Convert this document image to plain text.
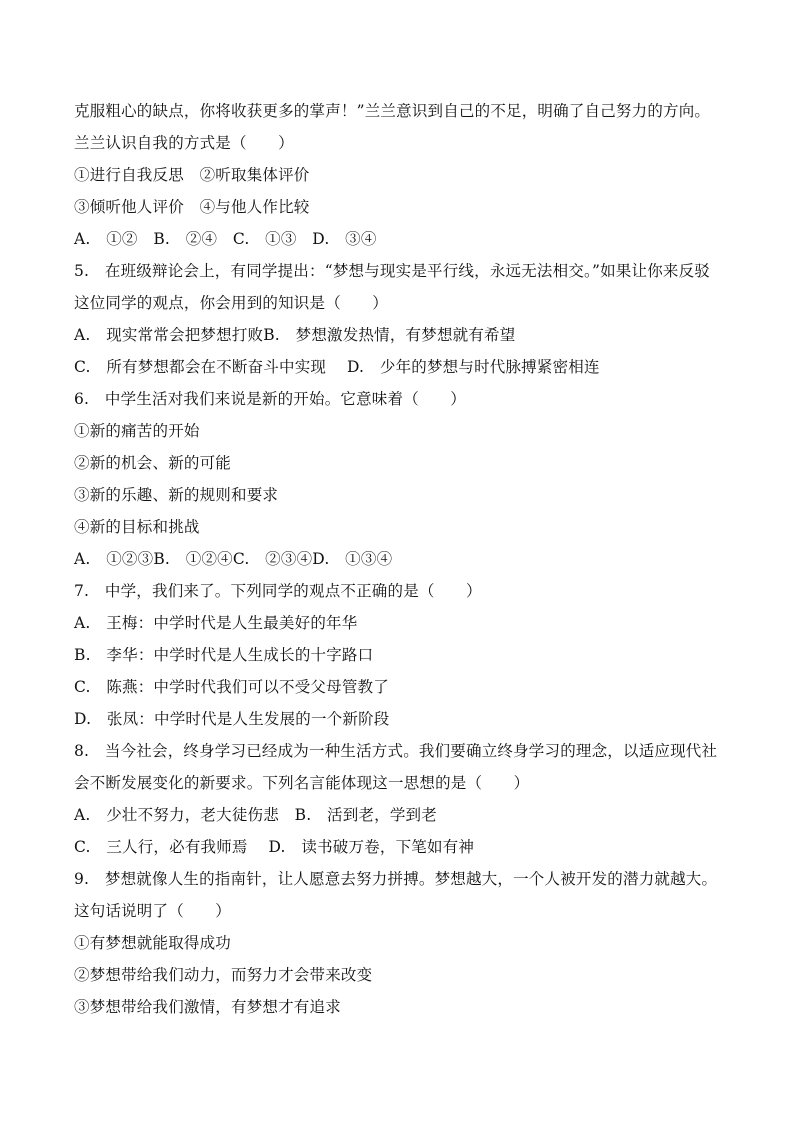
克服粗心的缺点，你将收获更多的掌声！”兰兰意识到自己的不足，明确了自己努力的方向。
兰兰认识自我的方式是（　　）
①进行自我反思　②听取集体评价
③倾听他人评价　④与他人作比较
A.　①②　B.　②④　C.　①③　D.　③④
5.　在班级辩论会上，有同学提出：“梦想与现实是平行线，永远无法相交。”如果让你来反驳
这位同学的观点，你会用到的知识是（　　）
A.　现实常常会把梦想打败B.　梦想激发热情，有梦想就有希望
C.　所有梦想都会在不断奋斗中实现　 D.　少年的梦想与时代脉搏紧密相连
6.　中学生活对我们来说是新的开始。它意味着（　　）
①新的痛苦的开始
②新的机会、新的可能
③新的乐趣、新的规则和要求
④新的目标和挑战
A.　①②③B.　①②④C.　②③④D.　①③④
7.　中学，我们来了。下列同学的观点不正确的是（　　）
A.　王梅：中学时代是人生最美好的年华
B.　李华：中学时代是人生成长的十字路口
C.　陈燕：中学时代我们可以不受父母管教了
D.　张凤：中学时代是人生发展的一个新阶段
8.　当今社会，终身学习已经成为一种生活方式。我们要确立终身学习的理念，以适应现代社
会不断发展变化的新要求。下列名言能体现这一思想的是（　　）
A.　少壮不努力，老大徒伤悲　B.　活到老，学到老
C.　三人行，必有我师焉　 D.　读书破万卷，下笔如有神
9.　梦想就像人生的指南针，让人愿意去努力拼搏。梦想越大，一个人被开发的潜力就越大。
这句话说明了（　　）
①有梦想就能取得成功
②梦想带给我们动力，而努力才会带来改变
③梦想带给我们激情，有梦想才有追求
